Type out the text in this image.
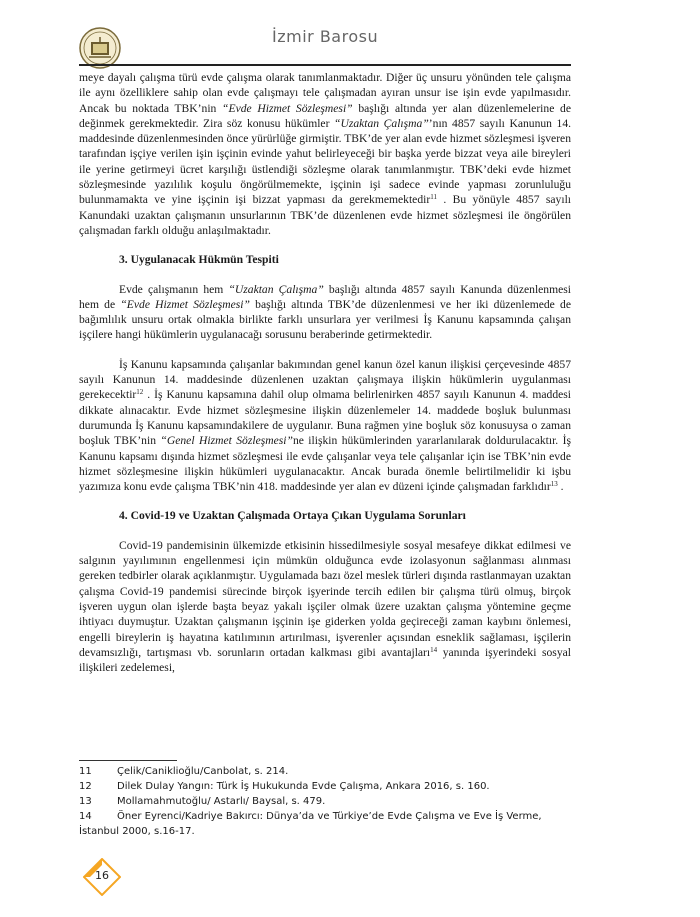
İzmir Barosu

meye dayalı çalışma türü evde çalışma olarak tanımlanmaktadır. Diğer üç unsuru yönünden tele çalışma ile aynı özelliklere sahip olan evde çalışmayı tele çalışmadan ayıran unsur ise işin evde yapılmasıdır. Ancak bu noktada TBK’nin “Evde Hizmet Sözleşmesi” başlığı altında yer alan düzenlemelerine de değinmek gerekmektedir. Zira söz konusu hükümler “Uzaktan Çalışma”’nın 4857 sayılı Kanunun 14. maddesinde düzenlenmesinden önce yürürlüğe girmiştir. TBK’de yer alan evde hizmet sözleşmesi işveren tarafından işçiye verilen işin işçinin evinde yahut belirleyeceği bir başka yerde bizzat veya aile bireyleri ile yerine getirmeyi ücret karşılığı üstlendiği sözleşme olarak tanımlanmıştır. TBK’deki evde hizmet sözleşmesinde yazılılık koşulu öngörülmemekte, işçinin işi sadece evinde yapması zorunluluğu bulunmamakta ve yine işçinin işi bizzat yapması da gerekmemektedir$^{11}$ . Bu yönüyle 4857 sayılı Kanundaki uzaktan çalışmanın unsurlarının TBK’de düzenlenen evde hizmet sözleşmesi ile öngörülen çalışmadan farklı olduğu anlaşılmaktadır.

3. Uygulanacak Hükmün Tespiti

Evde çalışmanın hem “Uzaktan Çalışma” başlığı altında 4857 sayılı Kanunda düzenlenmesi hem de “Evde Hizmet Sözleşmesi” başlığı altında TBK’de düzenlenmesi ve her iki düzenlemede de bağımlılık unsuru ortak olmakla birlikte farklı unsurlara yer verilmesi İş Kanunu kapsamında çalışan işçilere hangi hükümlerin uygulanacağı sorusunu beraberinde getirmektedir.

İş Kanunu kapsamında çalışanlar bakımından genel kanun özel kanun ilişkisi çerçevesinde 4857 sayılı Kanunun 14. maddesinde düzenlenen uzaktan çalışmaya ilişkin hükümlerin uygulanması gerekecektir$^{12}$ . İş Kanunu kapsamına dahil olup olmama belirlenirken 4857 sayılı Kanunun 4. maddesi dikkate alınacaktır. Evde hizmet sözleşmesine ilişkin düzenlemeler 14. maddede boşluk bulunması durumunda İş Kanunu kapsamındakilere de uygulanır. Buna rağmen yine boşluk söz konusuysa o zaman boşluk TBK’nin “Genel Hizmet Sözleşmesi”ne ilişkin hükümlerinden yararlanılarak doldurulacaktır. İş Kanunu kapsamı dışında hizmet sözleşmesi ile evde çalışanlar veya tele çalışanlar için ise TBK’nin evde hizmet sözleşmesine ilişkin hükümleri uygulanacaktır. Ancak burada önemle belirtilmelidir ki işbu yazımıza konu evde çalışma TBK’nin 418. maddesinde yer alan ev düzeni içinde çalışmadan farklıdır$^{13}$ .

4. Covid-19 ve Uzaktan Çalışmada Ortaya Çıkan Uygulama Sorunları

Covid-19 pandemisinin ülkemizde etkisinin hissedilmesiyle sosyal mesafeye dikkat edilmesi ve salgının yayılımının engellenmesi için mümkün olduğunca evde izolasyonun sağlanması alınması gereken tedbirler olarak açıklanmıştır. Uygulamada bazı özel meslek türleri dışında rastlanmayan uzaktan çalışma Covid-19 pandemisi sürecinde birçok işyerinde tercih edilen bir çalışma türü olmuş, birçok işveren uygun olan işlerde başta beyaz yakalı işçiler olmak üzere uzaktan çalışma yöntemine geçme ihtiyacı duymuştur. Uzaktan çalışmanın işçinin işe giderken yolda geçireceği zaman kaybını önlemesi, engelli bireylerin iş hayatına katılımının artırılması, işverenler açısından esneklik sağlaması, işçilerin devamsızlığı, tartışması vb. sorunların ortadan kalkması gibi avantajları$^{14}$ yanında işyerindeki sosyal ilişkileri zedelemesi,

11	Çelik/Caniklioğlu/Canbolat, s. 214.

12	Dilek Dulay Yangın: Türk İş Hukukunda Evde Çalışma, Ankara 2016, s. 160.

13	Mollamahmutoğlu/ Astarlı/ Baysal, s. 479.

14	Öner Eyrenci/Kadriye Bakırcı: Dünya’da ve Türkiye’de Evde Çalışma ve Eve İş Verme, İstanbul 2000, s.16-17.

16
